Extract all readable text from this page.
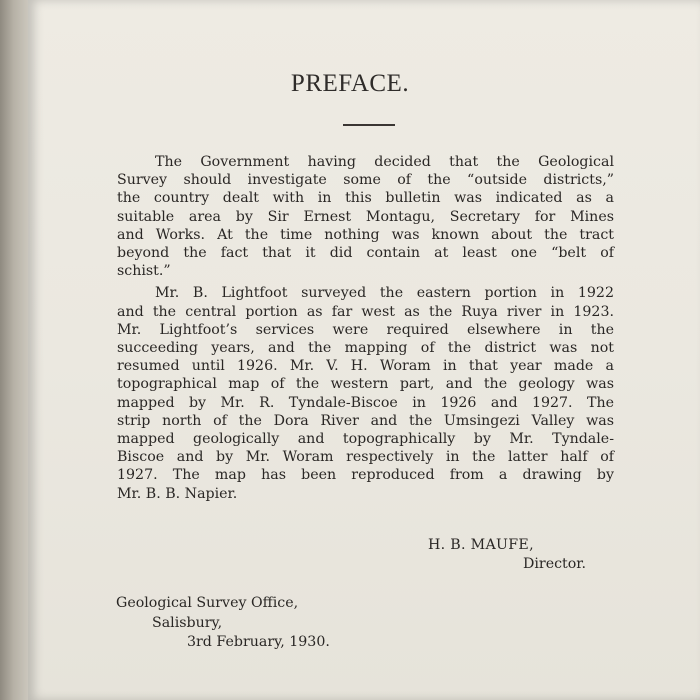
PREFACE.

The Government having decided that the Geological
Survey should investigate some of the “outside districts,”
the country dealt with in this bulletin was indicated as a
suitable area by Sir Ernest Montagu, Secretary for Mines
and Works. At the time nothing was known about the tract
beyond the fact that it did contain at least one “belt of
schist.”

Mr. B. Lightfoot surveyed the eastern portion in 1922
and the central portion as far west as the Ruya river in 1923.
Mr. Lightfoot’s services were required elsewhere in the
succeeding years, and the mapping of the district was not
resumed until 1926. Mr. V. H. Woram in that year made a
topographical map of the western part, and the geology was
mapped by Mr. R. Tyndale-Biscoe in 1926 and 1927. The
strip north of the Dora River and the Umsingezi Valley was
mapped geologically and topographically by Mr. Tyndale-
Biscoe and by Mr. Woram respectively in the latter half of
1927. The map has been reproduced from a drawing by
Mr. B. B. Napier.

H. B. MAUFE,
Director.
Geological Survey Office,
Salisbury,
3rd February, 1930.
